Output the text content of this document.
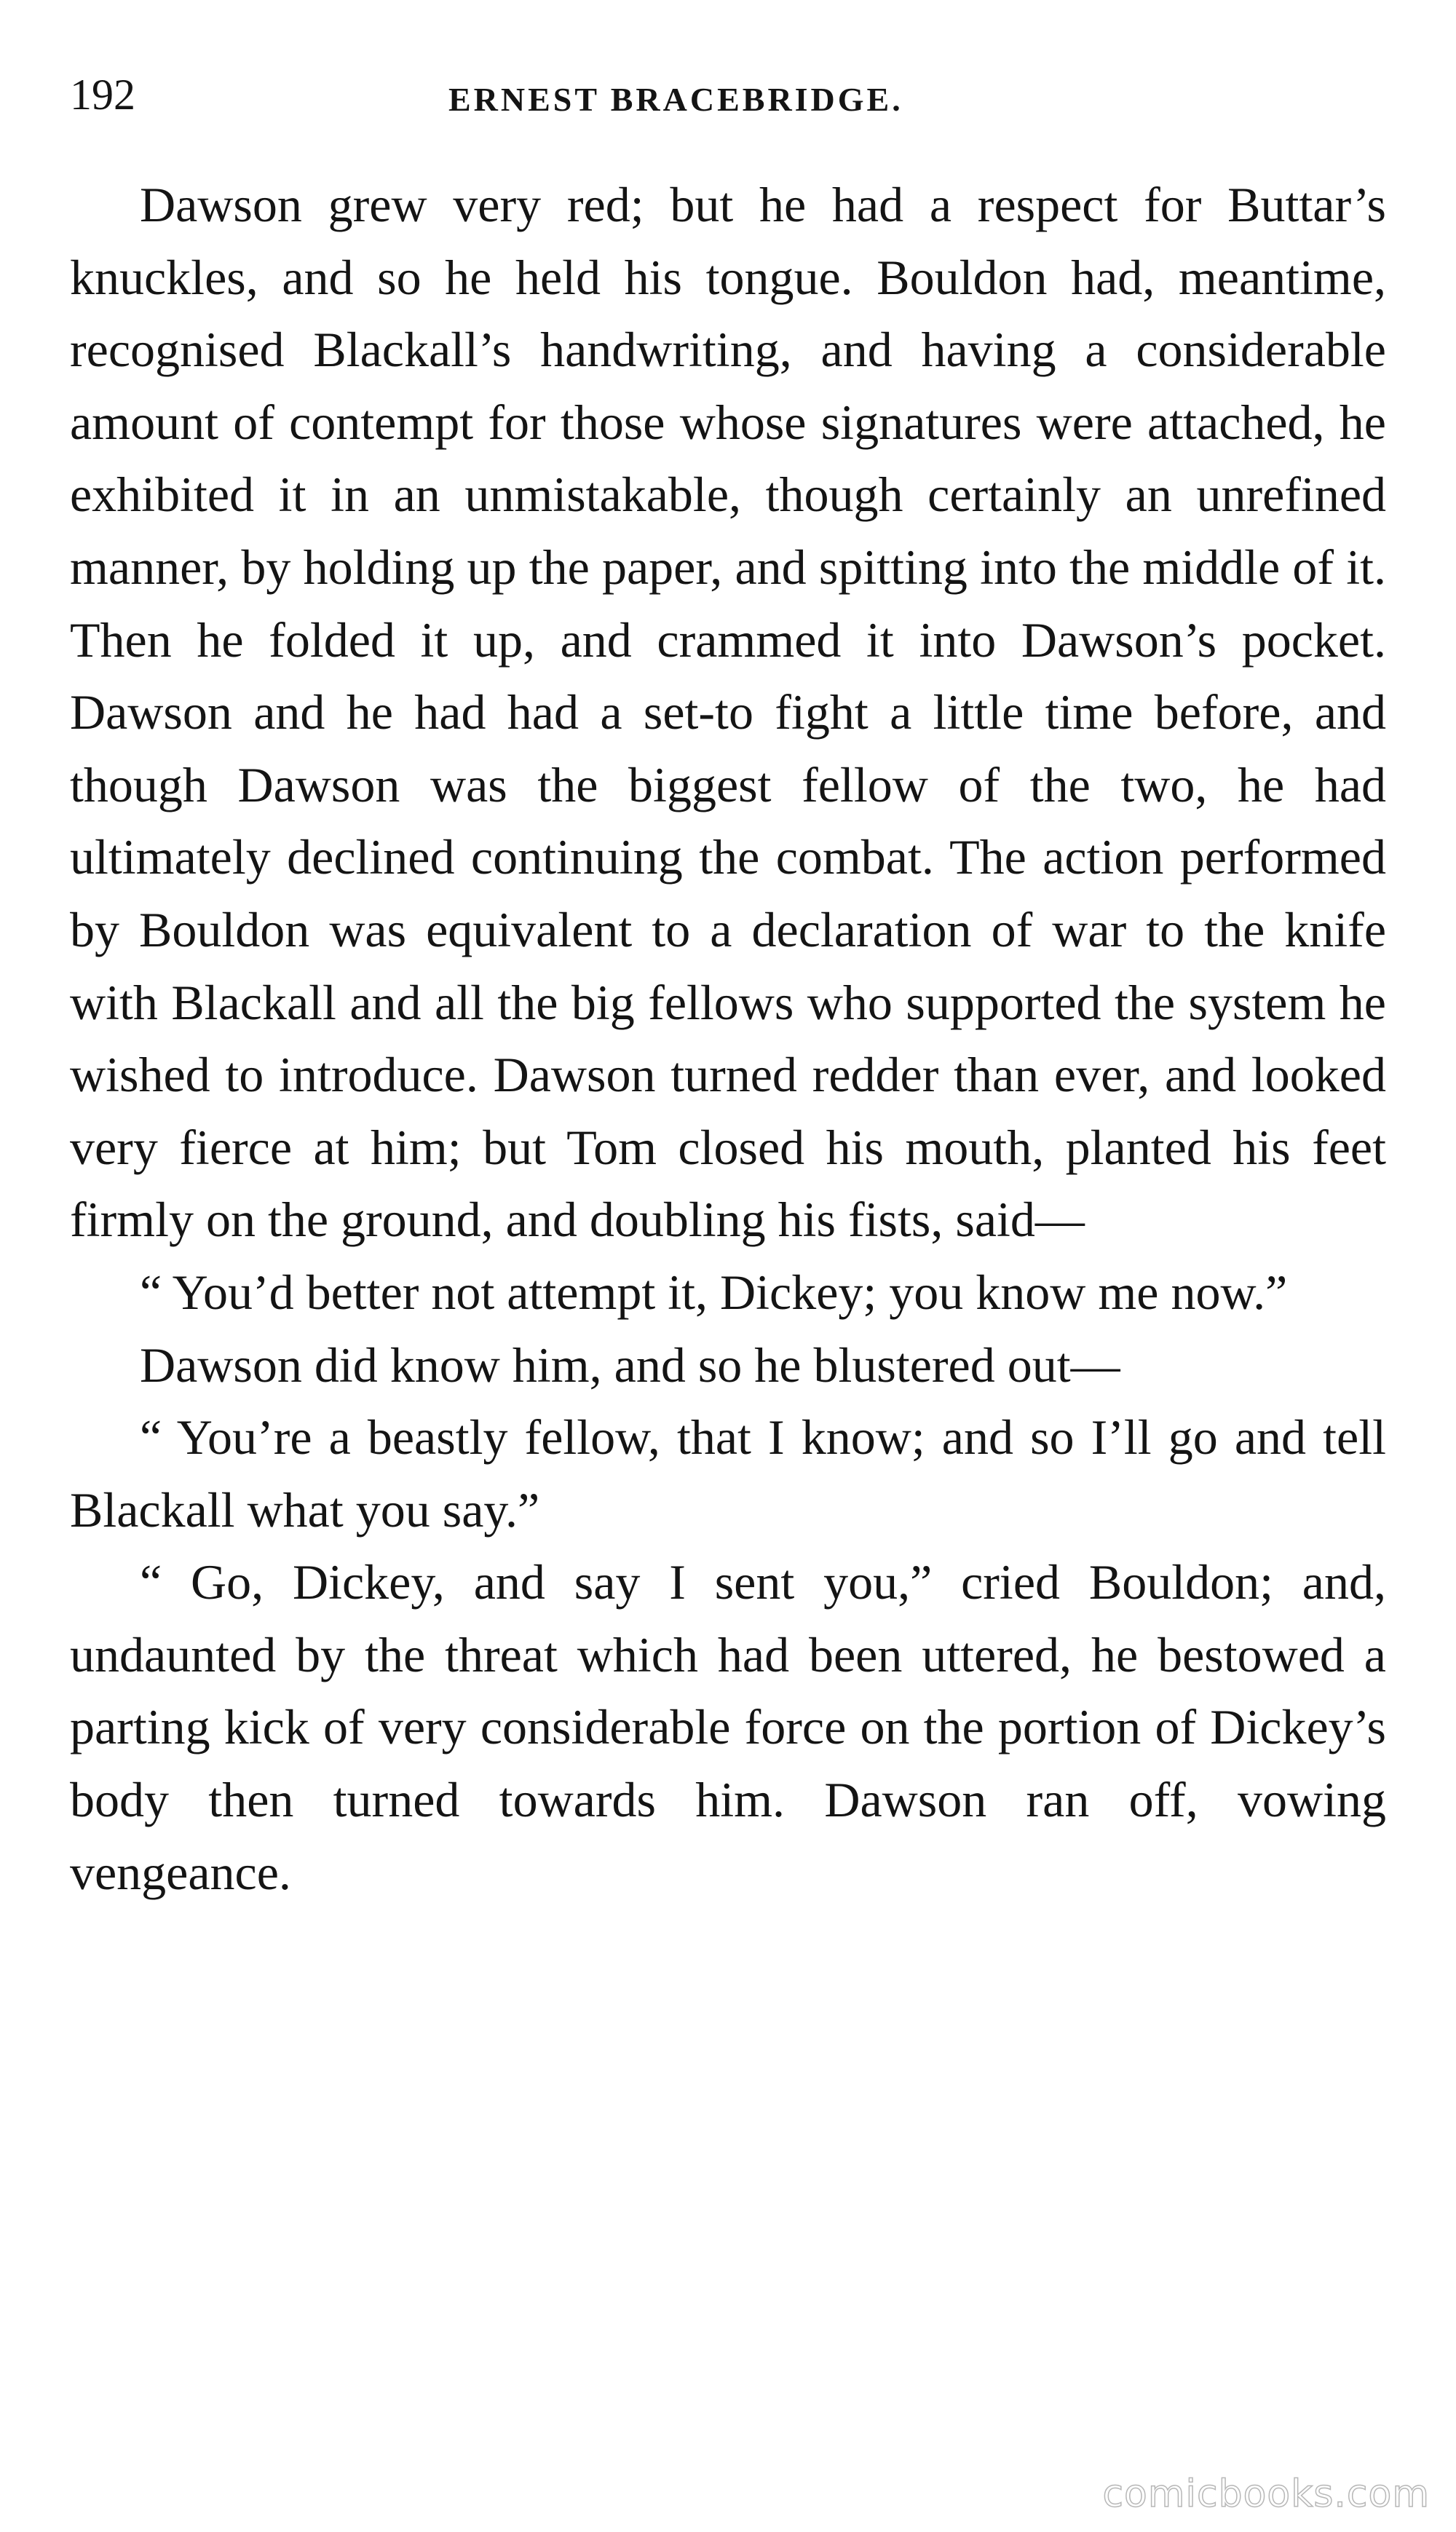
192	ERNEST BRACEBRIDGE.

Dawson grew very red; but he had a respect for Buttar’s knuckles, and so he held his tongue. Bouldon had, meantime, recognised Blackall’s handwriting, and having a considerable amount of contempt for those whose signatures were attached, he exhibited it in an unmistakable, though certainly an unrefined manner, by holding up the paper, and spitting into the middle of it. Then he folded it up, and crammed it into Dawson’s pocket. Dawson and he had had a set-to fight a little time before, and though Dawson was the biggest fellow of the two, he had ultimately declined continuing the combat. The action performed by Bouldon was equivalent to a declaration of war to the knife with Blackall and all the big fellows who supported the system he wished to introduce. Dawson turned redder than ever, and looked very fierce at him; but Tom closed his mouth, planted his feet firmly on the ground, and doubling his fists, said—

“ You’d better not attempt it, Dickey; you know me now.”

Dawson did know him, and so he blustered out—

“ You’re a beastly fellow, that I know; and so I’ll go and tell Blackall what you say.”

“ Go, Dickey, and say I sent you,” cried Bouldon; and, undaunted by the threat which had been uttered, he bestowed a parting kick of very considerable force on the portion of Dickey’s body then turned towards him. Dawson ran off, vowing vengeance.

comicbooks.com
